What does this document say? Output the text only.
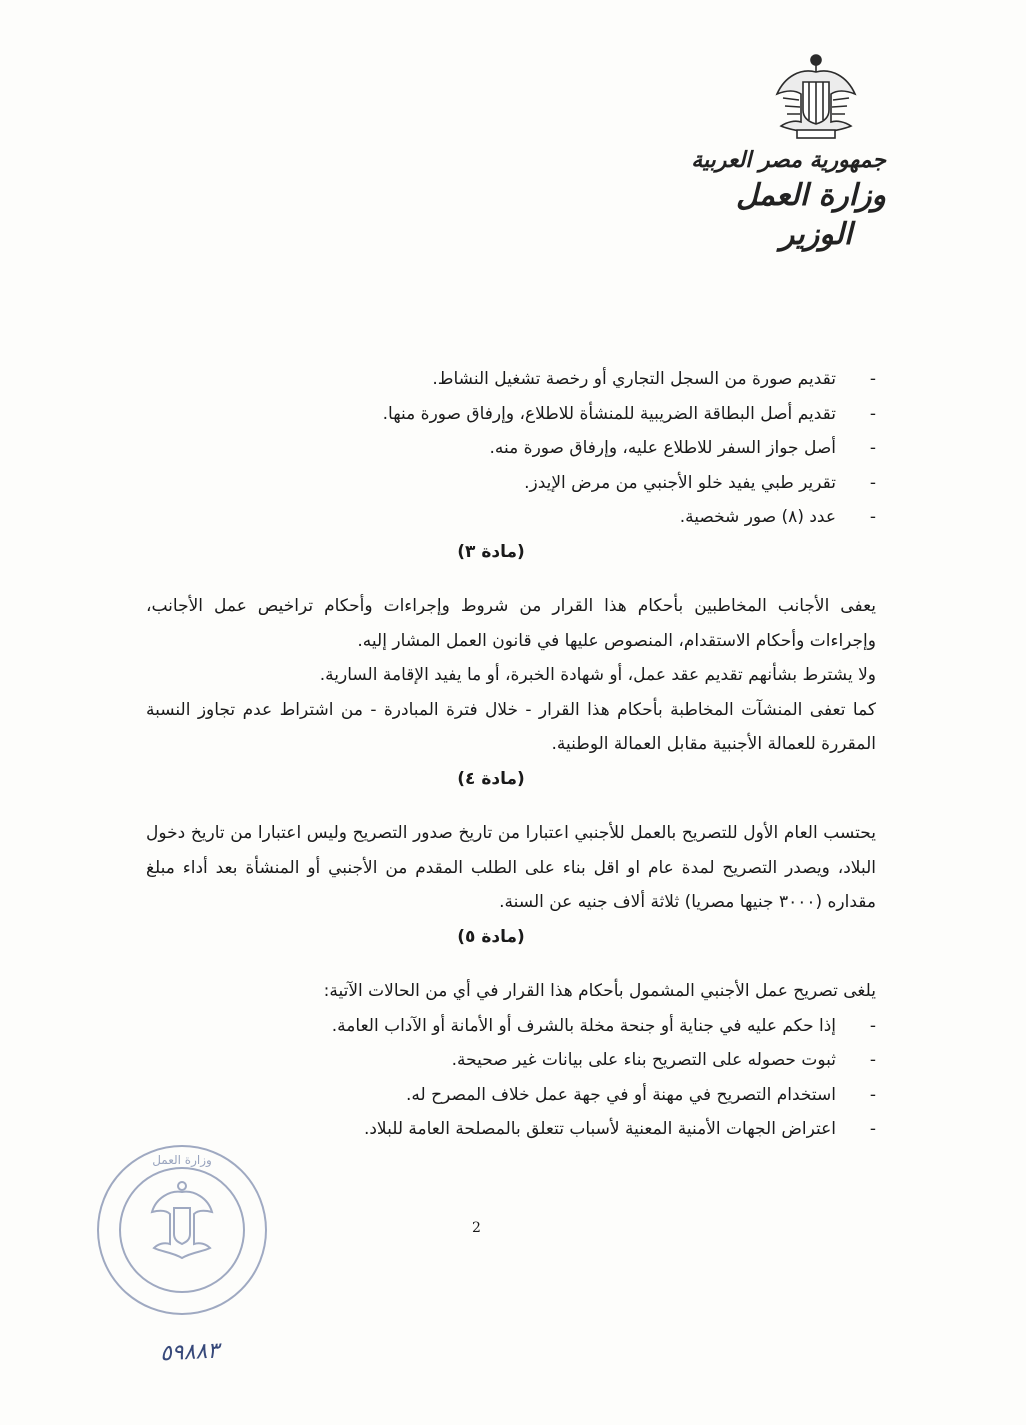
جمهورية مصر العربية
وزارة العمل
الوزير
-
تقديم صورة من السجل التجاري أو رخصة تشغيل النشاط.
-
تقديم أصل البطاقة الضريبية للمنشأة للاطلاع، وإرفاق صورة منها.
-
أصل جواز السفر للاطلاع عليه، وإرفاق صورة منه.
-
تقرير طبي يفيد خلو الأجنبي من مرض الإيدز.
-
عدد (٨) صور شخصية.
(مادة ٣)

يعفى الأجانب المخاطبين بأحكام هذا القرار من شروط وإجراءات وأحكام تراخيص عمل الأجانب، وإجراءات وأحكام الاستقدام، المنصوص عليها في قانون العمل المشار إليه.

ولا يشترط بشأنهم تقديم عقد عمل، أو شهادة الخبرة، أو ما يفيد الإقامة السارية.

كما تعفى المنشآت المخاطبة بأحكام هذا القرار - خلال فترة المبادرة - من اشتراط عدم تجاوز النسبة المقررة للعمالة الأجنبية مقابل العمالة الوطنية.

(مادة ٤)

يحتسب العام الأول للتصريح بالعمل للأجنبي اعتبارا من تاريخ صدور التصريح وليس اعتبارا من تاريخ دخول البلاد، ويصدر التصريح لمدة عام او اقل بناء على الطلب المقدم من الأجنبي أو المنشأة بعد أداء مبلغ مقداره (٣٠٠٠ جنيها مصريا) ثلاثة ألاف جنيه عن السنة.

(مادة ٥)

يلغى تصريح عمل الأجنبي المشمول بأحكام هذا القرار في أي من الحالات الآتية:

-
إذا حكم عليه في جناية أو جنحة مخلة بالشرف أو الأمانة أو الآداب العامة.
-
ثبوت حصوله على التصريح بناء على بيانات غير صحيحة.
-
استخدام التصريح في مهنة أو في جهة عمل خلاف المصرح له.
-
اعتراض الجهات الأمنية المعنية لأسباب تتعلق بالمصلحة العامة للبلاد.
وزارة العمل
2
٥٩٨٨٣
